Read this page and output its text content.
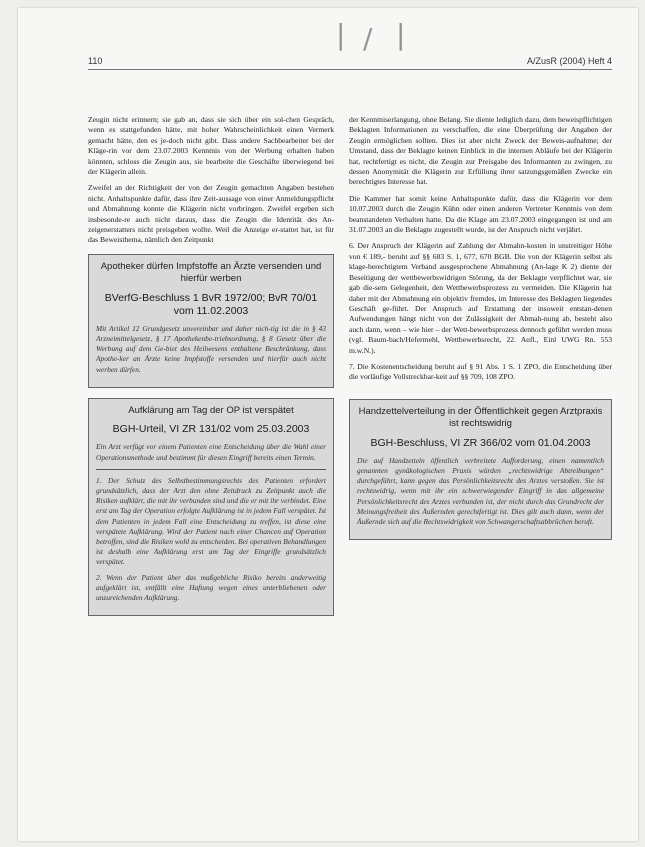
| / |
110	A/ZusR (2004) Heft 4

Zeugin nicht erinnern; sie gab an, dass sie sich über ein sol-chen Gespräch, wenn es stattgefunden hätte, mit hoher Wahrscheinlichkeit einen Vermerk gemacht hätte, den es je-doch nicht gibt. Dass andere Sachbearbeiter bei der Kläge-rin vor dem 23.07.2003 Kenntnis von der Werbung erhalten haben könnten, schloss die Zeugin aus, sie bearbeite die Geschäfte überwiegend bei der Klägerin allein.

Zweifel an der Richtigkeit der von der Zeugin gemachten Angaben bestehen nicht. Anhaltspunkte dafür, dass ihre Zeit-aussage von einer Anmeldungspflicht und Abmahnung konnte die Klägerin nicht vorbringen. Zweifel ergeben sich insbesonde-re auch nicht daraus, dass die Zeugin die Identität des An-zeigenerstatters nicht preisgeben wollte. Weil die Anzeige er-stattet hat, ist für das Beweisthema, nämlich den Zeitpunkt

Apotheker dürfen Impfstoffe an Ärzte versenden und hierfür werben
BVerfG-Beschluss 1 BvR 1972/00; BvR 70/01 vom 11.02.2003

Mit Artikel 12 Grundgesetz unvereinbar und daher nich-tig ist die in § 43 Arzneimittelgesetz, § 17 Apothekenbe-triebsordnung, § 8 Gesetz über die Werbung auf dem Ge-biet des Heilwesens enthaltene Beschränkung, dass Apothe-ker an Ärzte keine Impfstoffe versenden und hierfür auch nicht werben dürfen.

Aufklärung am Tag der OP ist verspätet
BGH-Urteil, VI ZR 131/02 vom 25.03.2003

Ein Arzt verfügt vor einem Patienten eine Entscheidung über die Wahl einer Operationsmethode und bestimmt für diesen Eingriff bereits einen Termin.

1. Der Schutz des Selbstbestimmungsrechts des Patienten erfordert grundsätzlich, dass der Arzt den ohne Zeitdruck zu Zeitpunkt auch die Risiken aufklärt, die mit ihr verbunden sind und die er mit ihr verbindet. Eine erst am Tag der Operation erfolgte Aufklärung ist in jedem Fall verspätet. Ist dem Patienten in jedem Fall eine Entscheidung zu treffen, ist diese eine verspätete Aufklärung. Wird der Patient nach einer Chancen auf Operation betroffen, sind die Risiken wohl zu entscheiden. Bei operativen Behandlungen ist deshalb eine Aufklärung erst am Tag der Eingriffe grundsätzlich verspätet.

2. Wenn der Patient über das maßgebliche Risiko bereits anderweitig aufgeklärt ist, entfällt eine Haftung wegen eines unterbliebenen oder unzureichenden Aufklärung.

der Kenntniserlangung, ohne Belang. Sie diente lediglich dazu, dem beweispflichtigen Beklagten Informationen zu verschaffen, die eine Überprüfung der Angaben der Zeugin ermöglichen sollten. Dies ist aber nicht Zweck der Beweis-aufnahme; der Umstand, dass der Beklagte keinen Einblick in die internen Abläufe bei der Klägerin hat, rechtfertigt es nicht, die Zeugin zur Preisgabe des Informanten zu zwingen, zu dessen Anonymität die Klägerin zur Erfüllung ihrer satzungsgemäßen Zwecke ein berechtigtes Interesse hat.

Die Kammer hat somit keine Anhaltspunkte dafür, dass die Klägerin vor dem 10.07.2003 durch die Zeugin Kühn oder einen anderen Vertreter Kenntnis von dem beanstandeten Verhalten hatte. Da die Klage am 23.07.2003 eingegangen ist und am 31.07.2003 an die Beklagte zugestellt wurde, ist der Anspruch nicht verjährt.

6. Der Anspruch der Klägerin auf Zahlung der Abmahn-kosten in unstreitiger Höhe von € 189,- beruht auf §§ 683 S. 1, 677, 670 BGB. Die von der Klägerin selbst als klage-berechtigtem Verband ausgesprochene Abmahnung (An-lage K 2) diente der Beseitigung der wettbewerbswidrigen Störung, da der Beklagte verpflichtet war, sie gab die-sem Gelegenheit, den Wettbewerbsprozess zu vermeiden. Die Klägerin hat daher mit der Abmahnung ein objektiv fremdes, im Interesse des Beklagten liegendes Geschäft ge-führt. Der Anspruch auf Erstattung der insoweit entstan-denen Aufwendungen hängt nicht von der Zulässigkeit der Abmah-nung ab, besteht also auch dann, wenn – wie hier – der Wett-bewerbsprozess dennoch geführt werden muss (vgl. Baum-bach/Hefermehl, Wettbewerbsrecht, 22. Aufl., Einl UWG Rn. 553 m.w.N.).

7. Die Kostenentscheidung beruht auf § 91 Abs. 1 S. 1 ZPO, die Entscheidung über die vorläufige Vollstreckbar-keit auf §§ 709, 108 ZPO.

Handzettelverteilung in der Öffentlichkeit gegen Arztpraxis ist rechtswidrig
BGH-Beschluss, VI ZR 366/02 vom 01.04.2003

Die auf Handzetteln öffentlich verbreitete Aufforderung, einen namentlich genannten gynäkologischen Praxis würden „rechtswidrige Abtreibungen“ durchgeführt, kann gegen das Persönlichkeitsrecht des Arztes verstoßen. Sie ist rechtswidrig, wenn mit ihr ein schwerwiegender Eingriff in das allgemeine Persönlichkeitsrecht des Arztes verbunden ist, der nicht durch das Grundrecht der Meinungsfreiheit des Äußernden gerechtfertigt ist. Dies gilt auch dann, wenn der Äußernde sich auf die Rechtswidrigkeit von Schwangerschaftsabbrüchen beruft.
